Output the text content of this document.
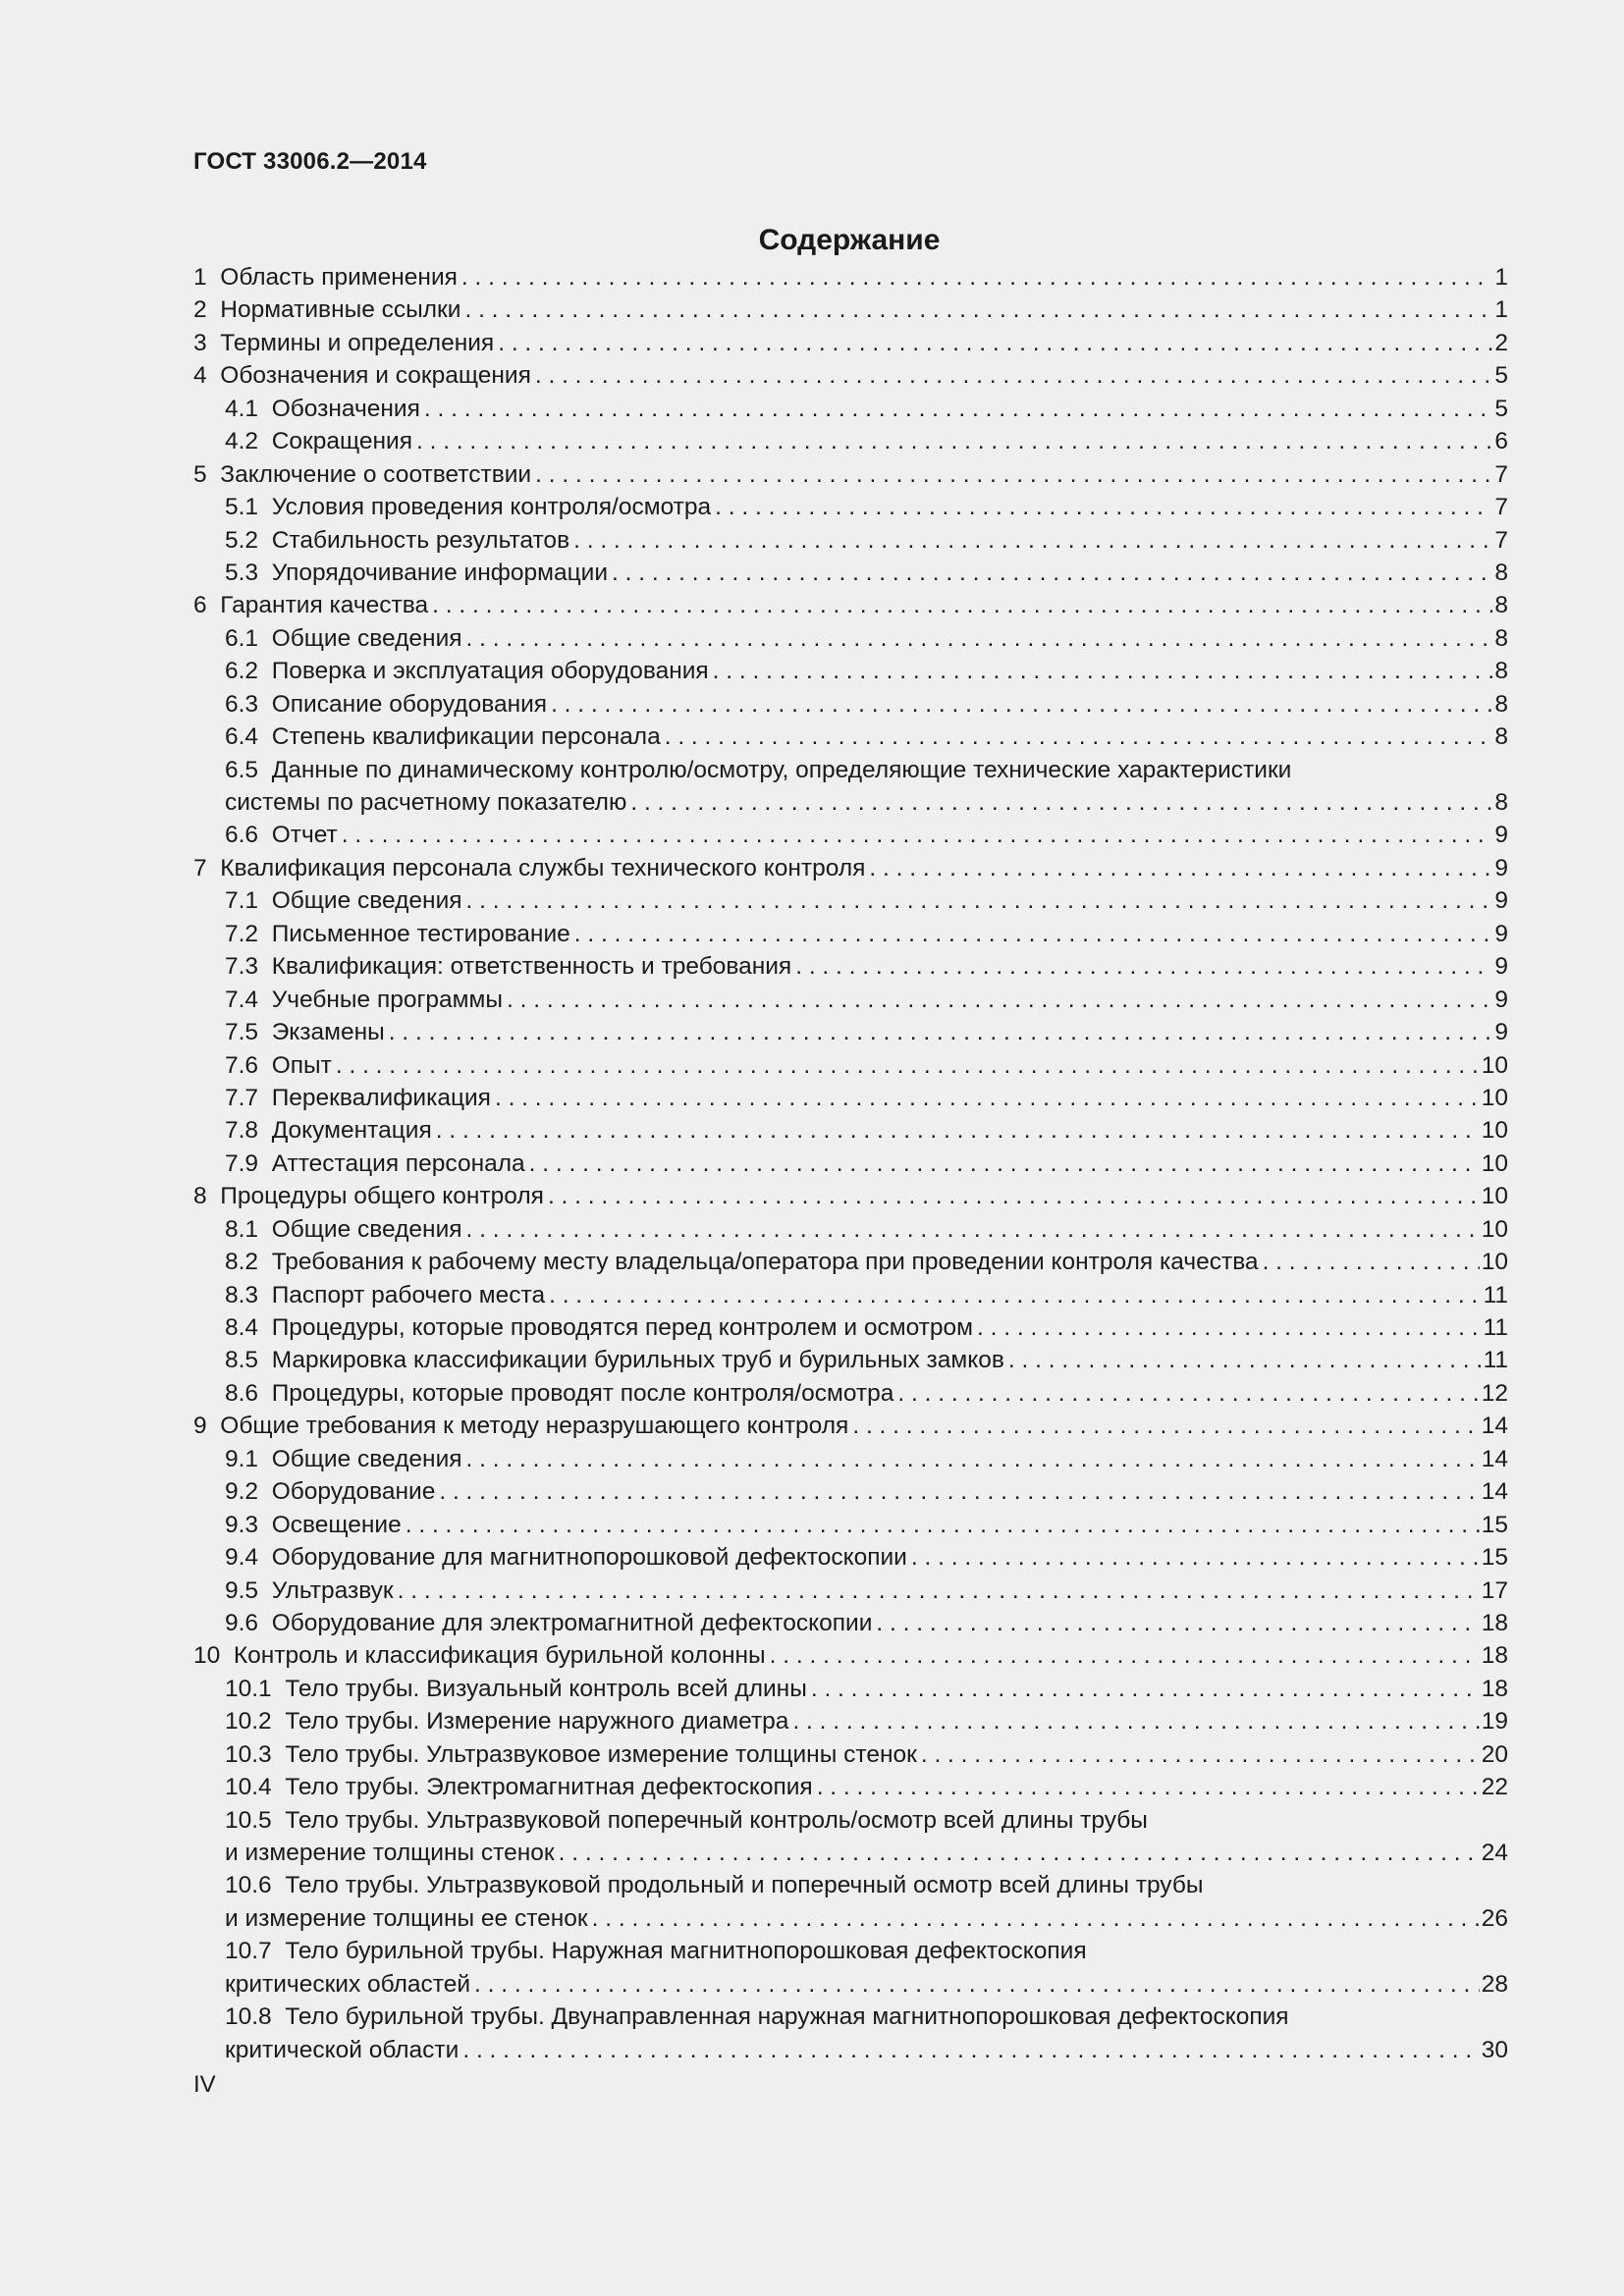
ГОСТ 33006.2—2014
Содержание
1 Область применения . . .	1
2 Нормативные ссылки . . .	1
3 Термины и определения . . .	2
4 Обозначения и сокращения . . .	5
4.1 Обозначения . . .	5
4.2 Сокращения . . .	6
5 Заключение о соответствии . . .	7
5.1 Условия проведения контроля/осмотра . . .	7
5.2 Стабильность результатов . . .	7
5.3 Упорядочивание информации . . .	8
6 Гарантия качества . . .	8
6.1 Общие сведения . . .	8
6.2 Поверка и эксплуатация оборудования . . .	8
6.3 Описание оборудования . . .	8
6.4 Степень квалификации персонала . . .	8
6.5 Данные по динамическому контролю/осмотру, определяющие технические характеристики
системы по расчетному показателю . . .	8
6.6 Отчет . . .	9
7 Квалификация персонала службы технического контроля . . .	9
7.1 Общие сведения . . .	9
7.2 Письменное тестирование . . .	9
7.3 Квалификация: ответственность и требования . . .	9
7.4 Учебные программы . . .	9
7.5 Экзамены . . .	9
7.6 Опыт . . .	10
7.7 Переквалификация . . .	10
7.8 Документация . . .	10
7.9 Аттестация персонала . . .	10
8 Процедуры общего контроля . . .	10
8.1 Общие сведения . . .	10
8.2 Требования к рабочему месту владельца/оператора при проведении контроля качества . . .	10
8.3 Паспорт рабочего места . . .	11
8.4 Процедуры, которые проводятся перед контролем и осмотром . . .	11
8.5 Маркировка классификации бурильных труб и бурильных замков . . .	11
8.6 Процедуры, которые проводят после контроля/осмотра . . .	12
9 Общие требования к методу неразрушающего контроля . . .	14
9.1 Общие сведения . . .	14
9.2 Оборудование . . .	14
9.3 Освещение . . .	15
9.4 Оборудование для магнитнопорошковой дефектоскопии . . .	15
9.5 Ультразвук . . .	17
9.6 Оборудование для электромагнитной дефектоскопии . . .	18
10 Контроль и классификация бурильной колонны . . .	18
10.1 Тело трубы. Визуальный контроль всей длины . . .	18
10.2 Тело трубы. Измерение наружного диаметра . . .	19
10.3 Тело трубы. Ультразвуковое измерение толщины стенок . . .	20
10.4 Тело трубы. Электромагнитная дефектоскопия . . .	22
10.5 Тело трубы. Ультразвуковой поперечный контроль/осмотр всей длины трубы
и измерение толщины стенок . . .	24
10.6 Тело трубы. Ультразвуковой продольный и поперечный осмотр всей длины трубы
и измерение толщины ее стенок . . .	26
10.7 Тело бурильной трубы. Наружная магнитнопорошковая дефектоскопия
критических областей . . .	28
10.8 Тело бурильной трубы. Двунаправленная наружная магнитнопорошковая дефектоскопия
критической области . . .	30
IV
